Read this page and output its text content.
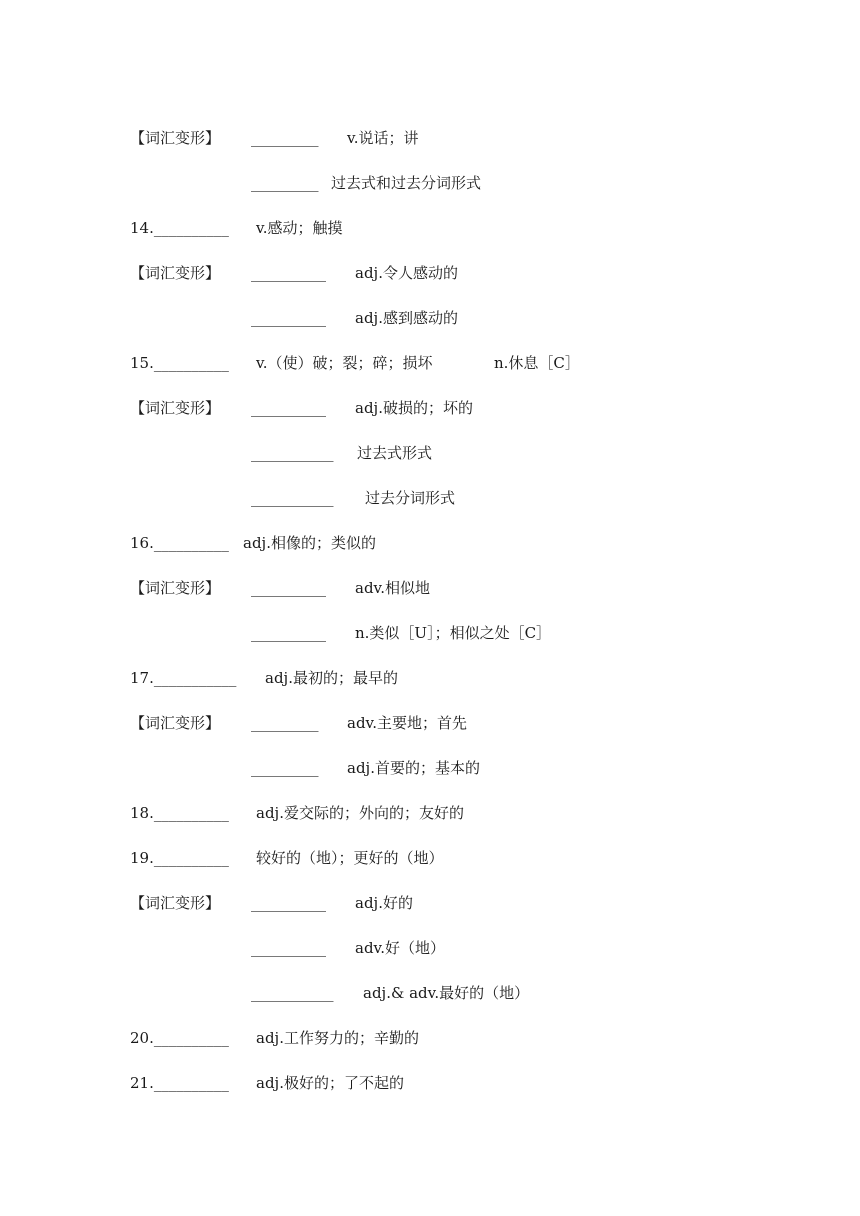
【词汇变形】

_________

v.说话；讲

_________

过去式和过去分词形式

14.__________

v.感动；触摸

【词汇变形】

__________

adj.令人感动的

__________

adj.感到感动的

15.__________

v.（使）破；裂；碎；损坏

	n.休息［C］

【词汇变形】

__________

adj.破损的；坏的

___________

过去式形式

___________

过去分词形式

16.__________

adj.相像的；类似的

【词汇变形】

__________

adv.相似地

__________

n.类似［U］；相似之处［C］

17.___________

adj.最初的；最早的

【词汇变形】

_________

adv.主要地；首先

_________

adj.首要的；基本的

18.__________

adj.爱交际的；外向的；友好的

19.__________

较好的（地）；更好的（地）

【词汇变形】

__________

adj.好的

__________

adv.好（地）

___________

adj.& adv.最好的（地）

20.__________

adj.工作努力的；辛勤的

21.__________

adj.极好的；了不起的
